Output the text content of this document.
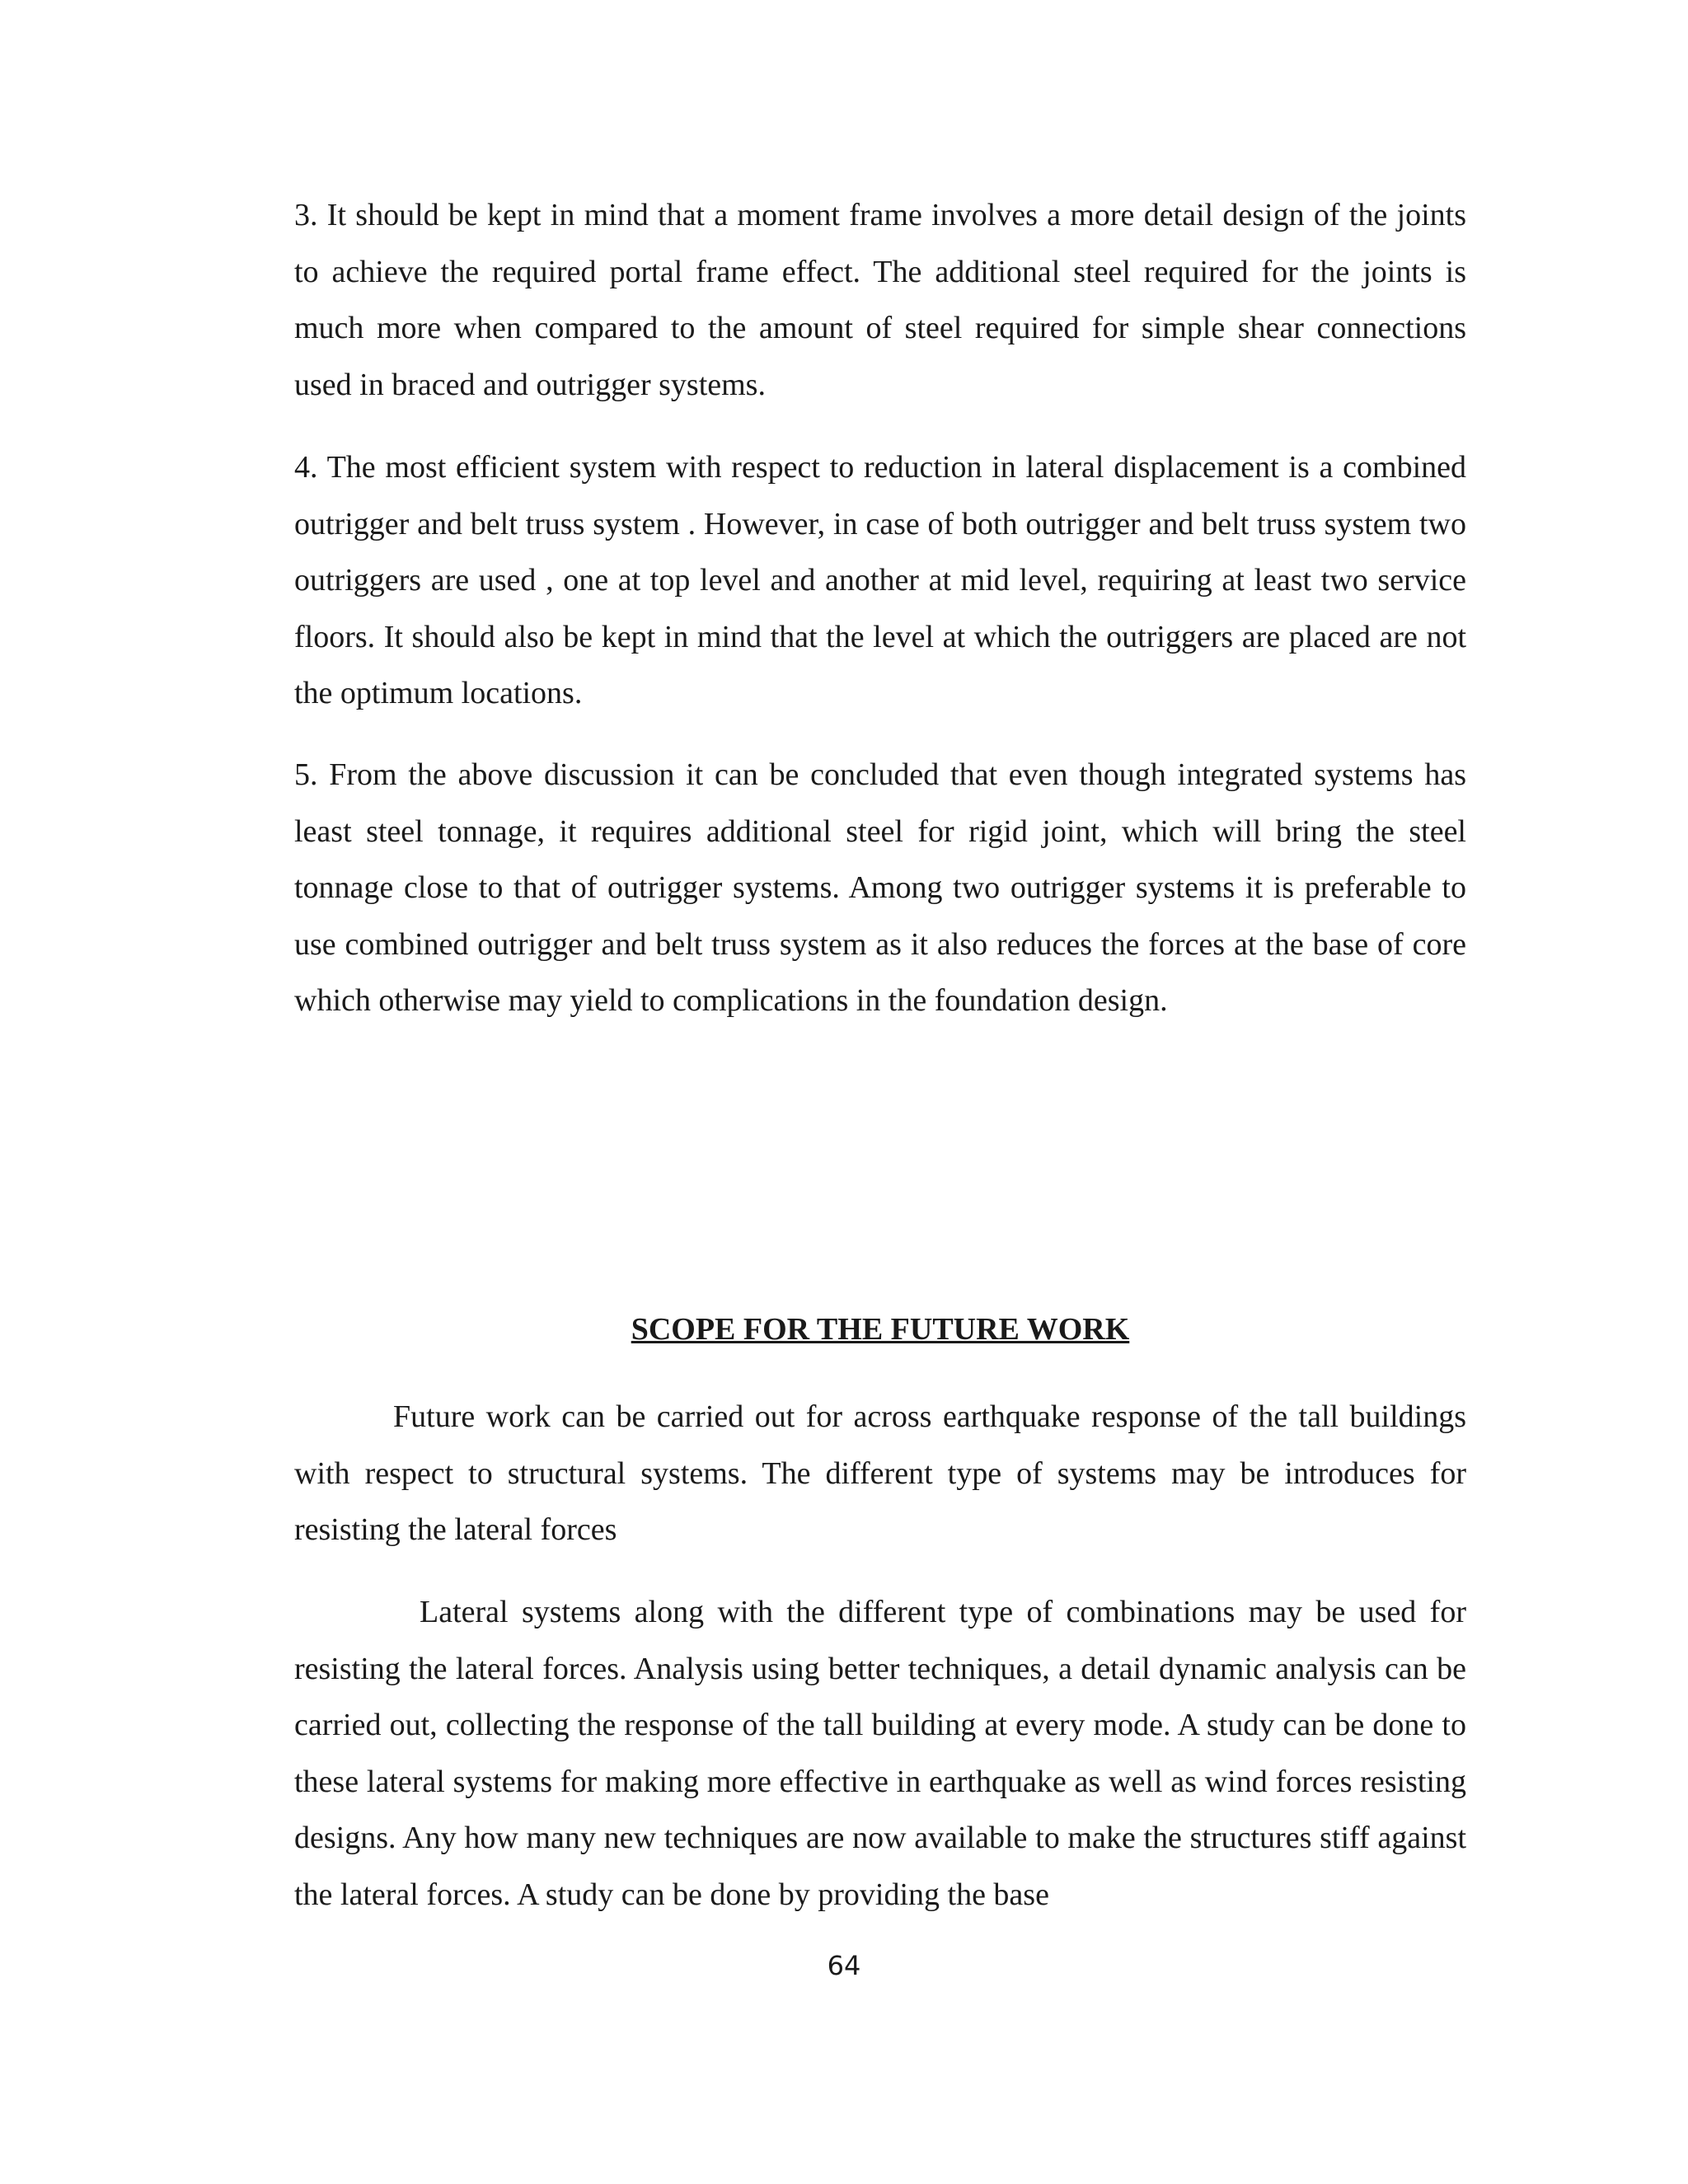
3. It should be kept in mind that a moment frame involves a more detail design of the joints to achieve the required portal frame effect. The additional steel required for the joints is much more when compared to the amount of steel required for simple shear connections used in braced and outrigger systems.

4. The most efficient system with respect to reduction in lateral displacement is a combined outrigger and belt truss system . However, in case of both outrigger and belt truss system two outriggers are used , one at top level and another at mid level, requiring at least two service floors. It should also be kept in mind that the level at which the outriggers are placed are not the optimum locations.

5. From the above discussion it can be concluded that even though integrated systems has least steel tonnage, it requires additional steel for rigid joint, which will bring the steel tonnage close to that of outrigger systems. Among two outrigger systems it is preferable to use combined outrigger and belt truss system as it also reduces the forces at the base of core which otherwise may yield to complications in the foundation design.

SCOPE FOR THE FUTURE WORK

Future work can be carried out for across earthquake response of the tall buildings with respect to structural systems. The different type of systems may be introduces for resisting the lateral forces

Lateral systems along with the different type of combinations may be used for resisting the lateral forces. Analysis using better techniques, a detail dynamic analysis can be carried out, collecting the response of the tall building at every mode. A study can be done to these lateral systems for making more effective in earthquake as well as wind forces resisting designs. Any how many new techniques are now available to make the structures stiff against the lateral forces. A study can be done by providing the base

64
